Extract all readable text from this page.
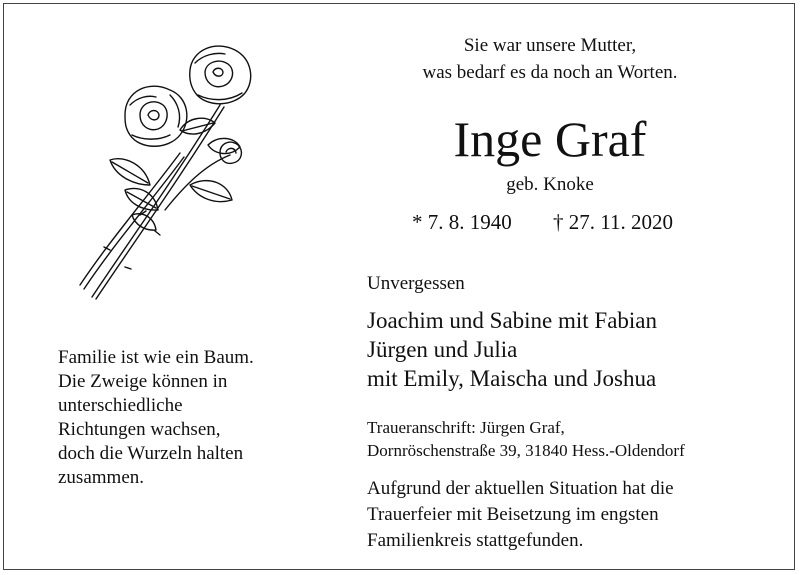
Sie war unsere Mutter,
was bedarf es da noch an Worten.
Inge Graf
geb. Knoke
* 7. 8. 1940 † 27. 11. 2020
Unvergessen
Joachim und Sabine mit Fabian
Jürgen und Julia
mit Emily, Maischa und Joshua
Traueranschrift: Jürgen Graf,
Dornröschenstraße 39, 31840 Hess.-Oldendorf
Aufgrund der aktuellen Situation hat die
Trauerfeier mit Beisetzung im engsten
Familienkreis stattgefunden.
Familie ist wie ein Baum.
Die Zweige können in
unterschiedliche
Richtungen wachsen,
doch die Wurzeln halten
zusammen.
